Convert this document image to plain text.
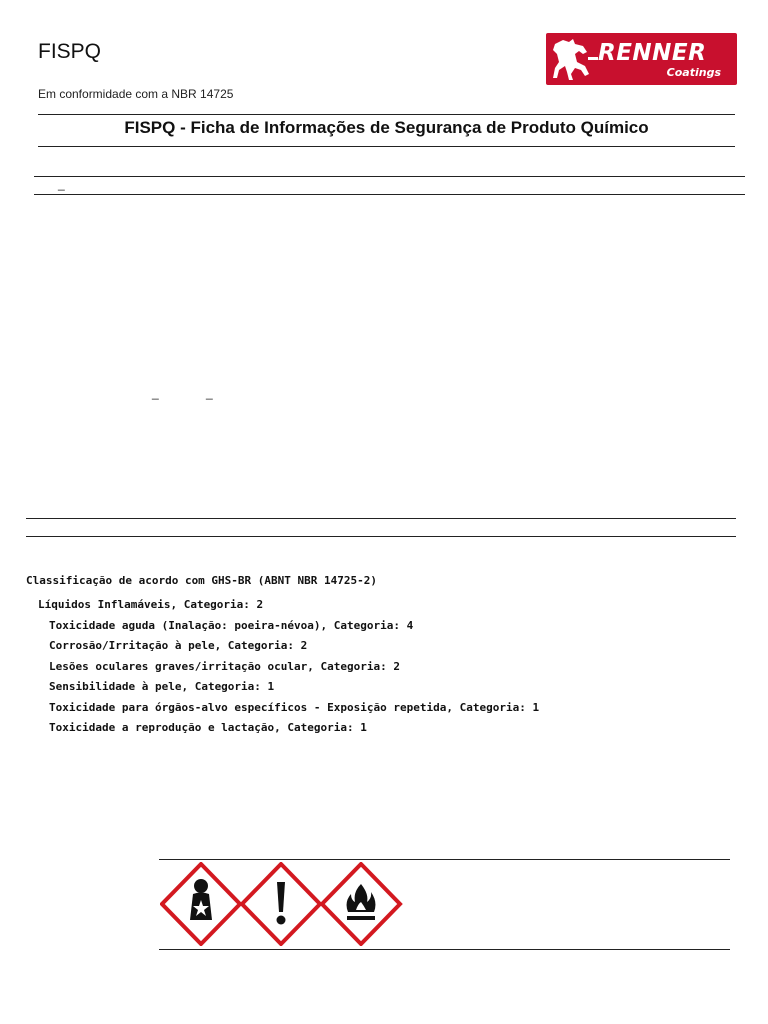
FISPQ
Em conformidade com a NBR 14725
RENNER
Coatings
FISPQ - Ficha de Informações de Segurança de Produto Químico
_
_	_
Classificação de acordo com GHS-BR (ABNT NBR 14725-2)
Líquidos Inflamáveis, Categoria: 2
Toxicidade aguda (Inalação: poeira-névoa), Categoria: 4
Corrosão/Irritação à pele, Categoria: 2
Lesões oculares graves/irritação ocular, Categoria: 2
Sensibilidade à pele, Categoria: 1
Toxicidade para órgãos-alvo específicos - Exposição repetida, Categoria: 1
Toxicidade a reprodução e lactação, Categoria: 1
